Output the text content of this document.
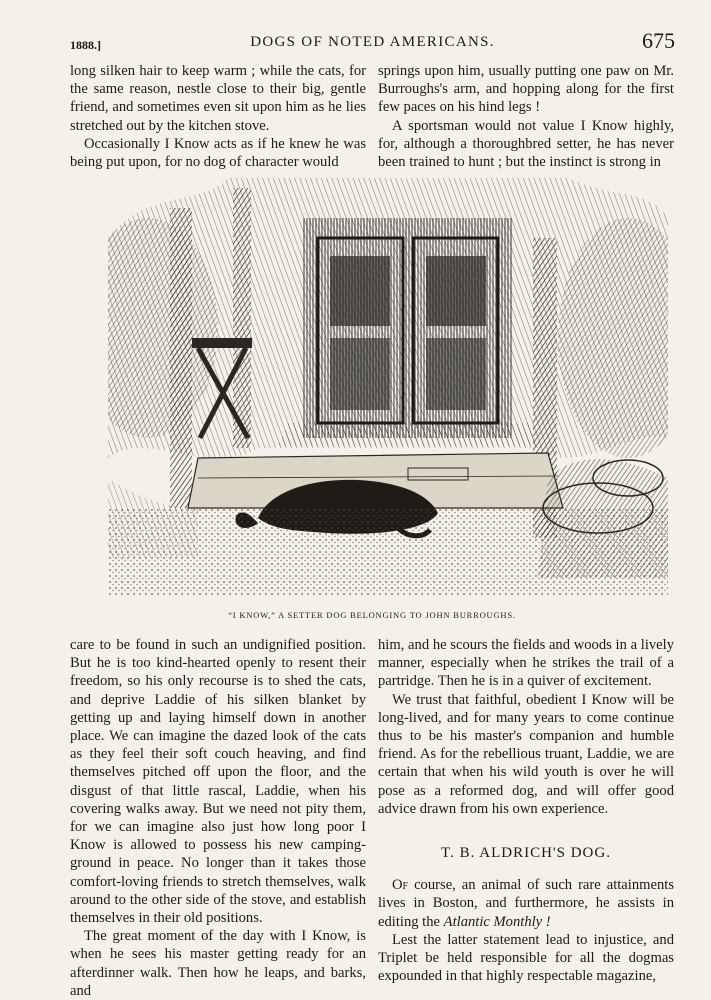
1888.]	DOGS OF NOTED AMERICANS.	675

long silken hair to keep warm ; while the cats, for the same reason, nestle close to their big, gentle friend, and sometimes even sit upon him as he lies stretched out by the kitchen stove.

Occasionally I Know acts as if he knew he was being put upon, for no dog of character would

springs upon him, usually putting one paw on Mr. Burroughs's arm, and hopping along for the first few paces on his hind legs !

A sportsman would not value I Know highly, for, although a thoroughbred setter, he has never been trained to hunt ; but the instinct is strong in

“I KNOW,” A SETTER DOG BELONGING TO JOHN BURROUGHS.

care to be found in such an undignified position. But he is too kind-hearted openly to resent their freedom, so his only recourse is to shed the cats, and deprive Laddie of his silken blanket by getting up and laying himself down in another place. We can imagine the dazed look of the cats as they feel their soft couch heaving, and find themselves pitched off upon the floor, and the disgust of that little rascal, Laddie, when his covering walks away. But we need not pity them, for we can imagine also just how long poor I Know is allowed to possess his new camping-ground in peace. No longer than it takes those comfort-loving friends to stretch themselves, walk around to the other side of the stove, and establish themselves in their old positions.

The great moment of the day with I Know, is when he sees his master getting ready for an afterdinner walk. Then how he leaps, and barks, and

him, and he scours the fields and woods in a lively manner, especially when he strikes the trail of a partridge. Then he is in a quiver of excitement.

We trust that faithful, obedient I Know will be long-lived, and for many years to come continue thus to be his master's companion and humble friend. As for the rebellious truant, Laddie, we are certain that when his wild youth is over he will pose as a reformed dog, and will offer good advice drawn from his own experience.

T. B. ALDRICH'S DOG.

Of course, an animal of such rare attainments lives in Boston, and furthermore, he assists in editing the Atlantic Monthly !

Lest the latter statement lead to injustice, and Triplet be held responsible for all the dogmas expounded in that highly respectable magazine,
